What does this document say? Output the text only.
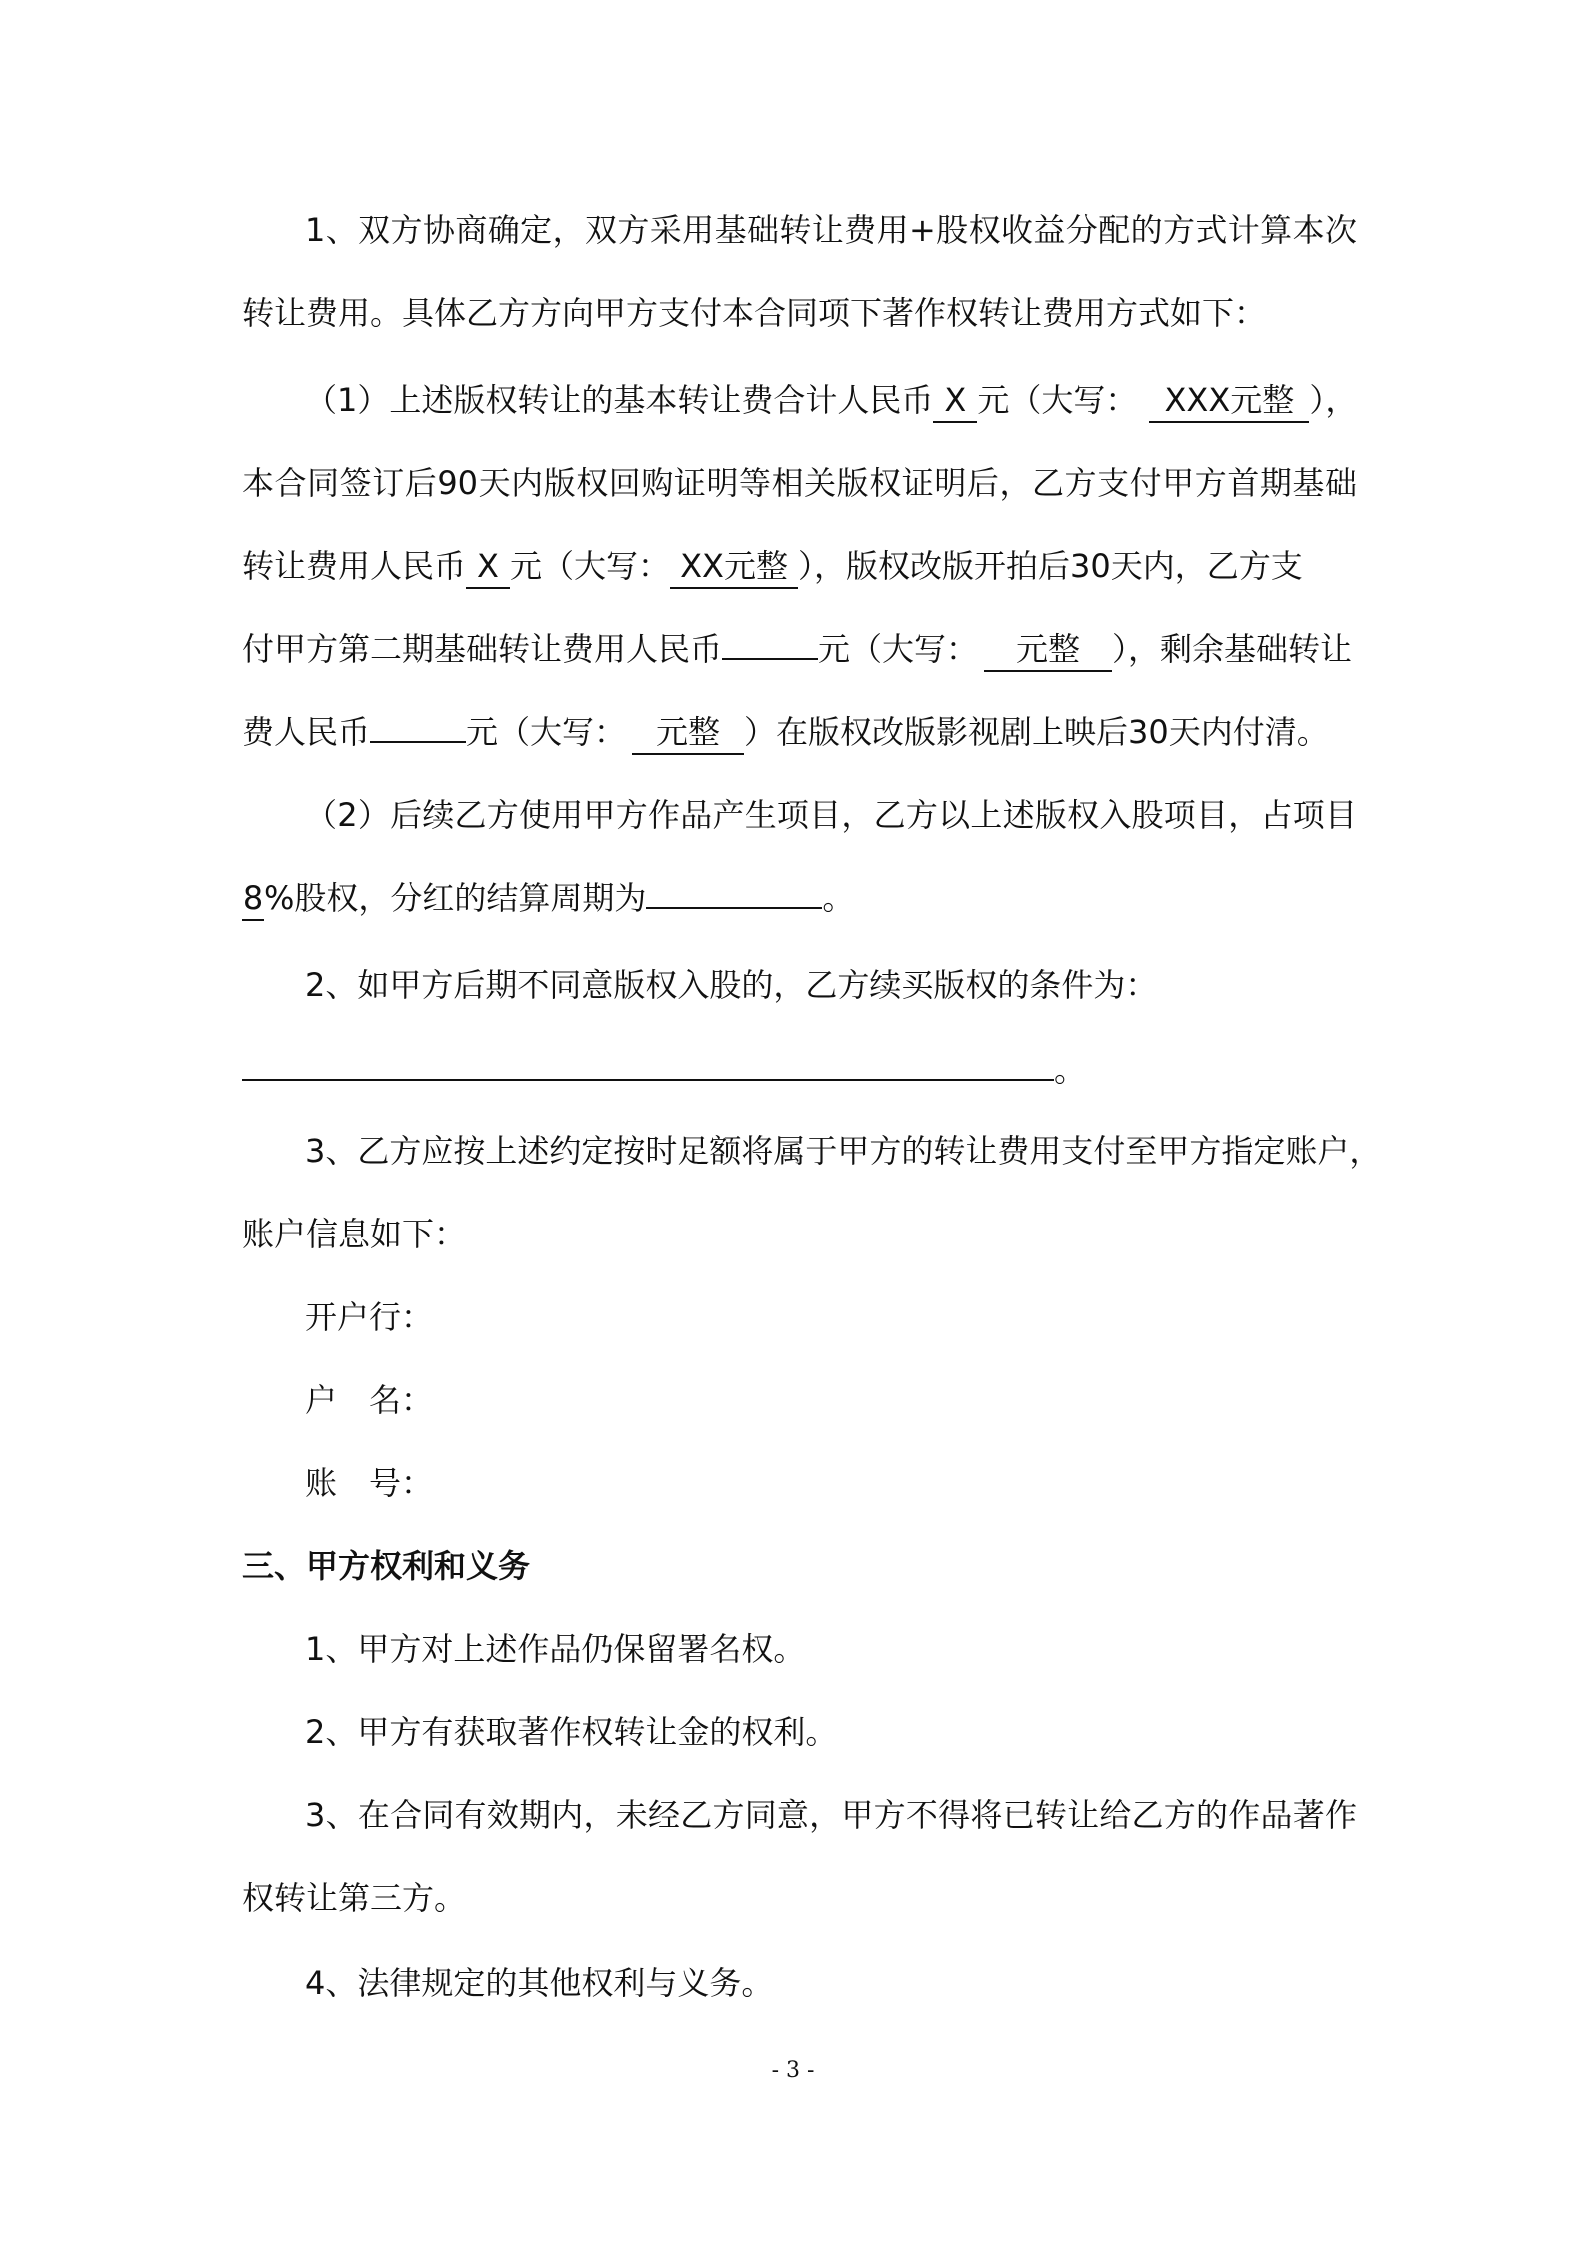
1、双方协商确定，双方采用基础转让费用+股权收益分配的方式计算本次
转让费用。具体乙方方向甲方支付本合同项下著作权转让费用方式如下：
（1）上述版权转让的基本转让费合计人民币 X 元（大写： XXX元整 ），
本合同签订后90天内版权回购证明等相关版权证明后，乙方支付甲方首期基础
转让费用人民币 X 元（大写： XX元整 ），版权改版开拍后30天内，乙方支
付甲方第二期基础转让费用人民币	元（大写： 元整 ），剩余基础转让
费人民币	元（大写： 元整 ）在版权改版影视剧上映后30天内付清。
（2）后续乙方使用甲方作品产生项目，乙方以上述版权入股项目，占项目
8%股权，分红的结算周期为	。
2、如甲方后期不同意版权入股的，乙方续买版权的条件为：
。
3、乙方应按上述约定按时足额将属于甲方的转让费用支付至甲方指定账户，
账户信息如下：
开户行：
户　名：
账　号：
三、甲方权利和义务
1、甲方对上述作品仍保留署名权。
2、甲方有获取著作权转让金的权利。
3、在合同有效期内，未经乙方同意，甲方不得将已转让给乙方的作品著作
权转让第三方。
4、法律规定的其他权利与义务。
- 3 -
